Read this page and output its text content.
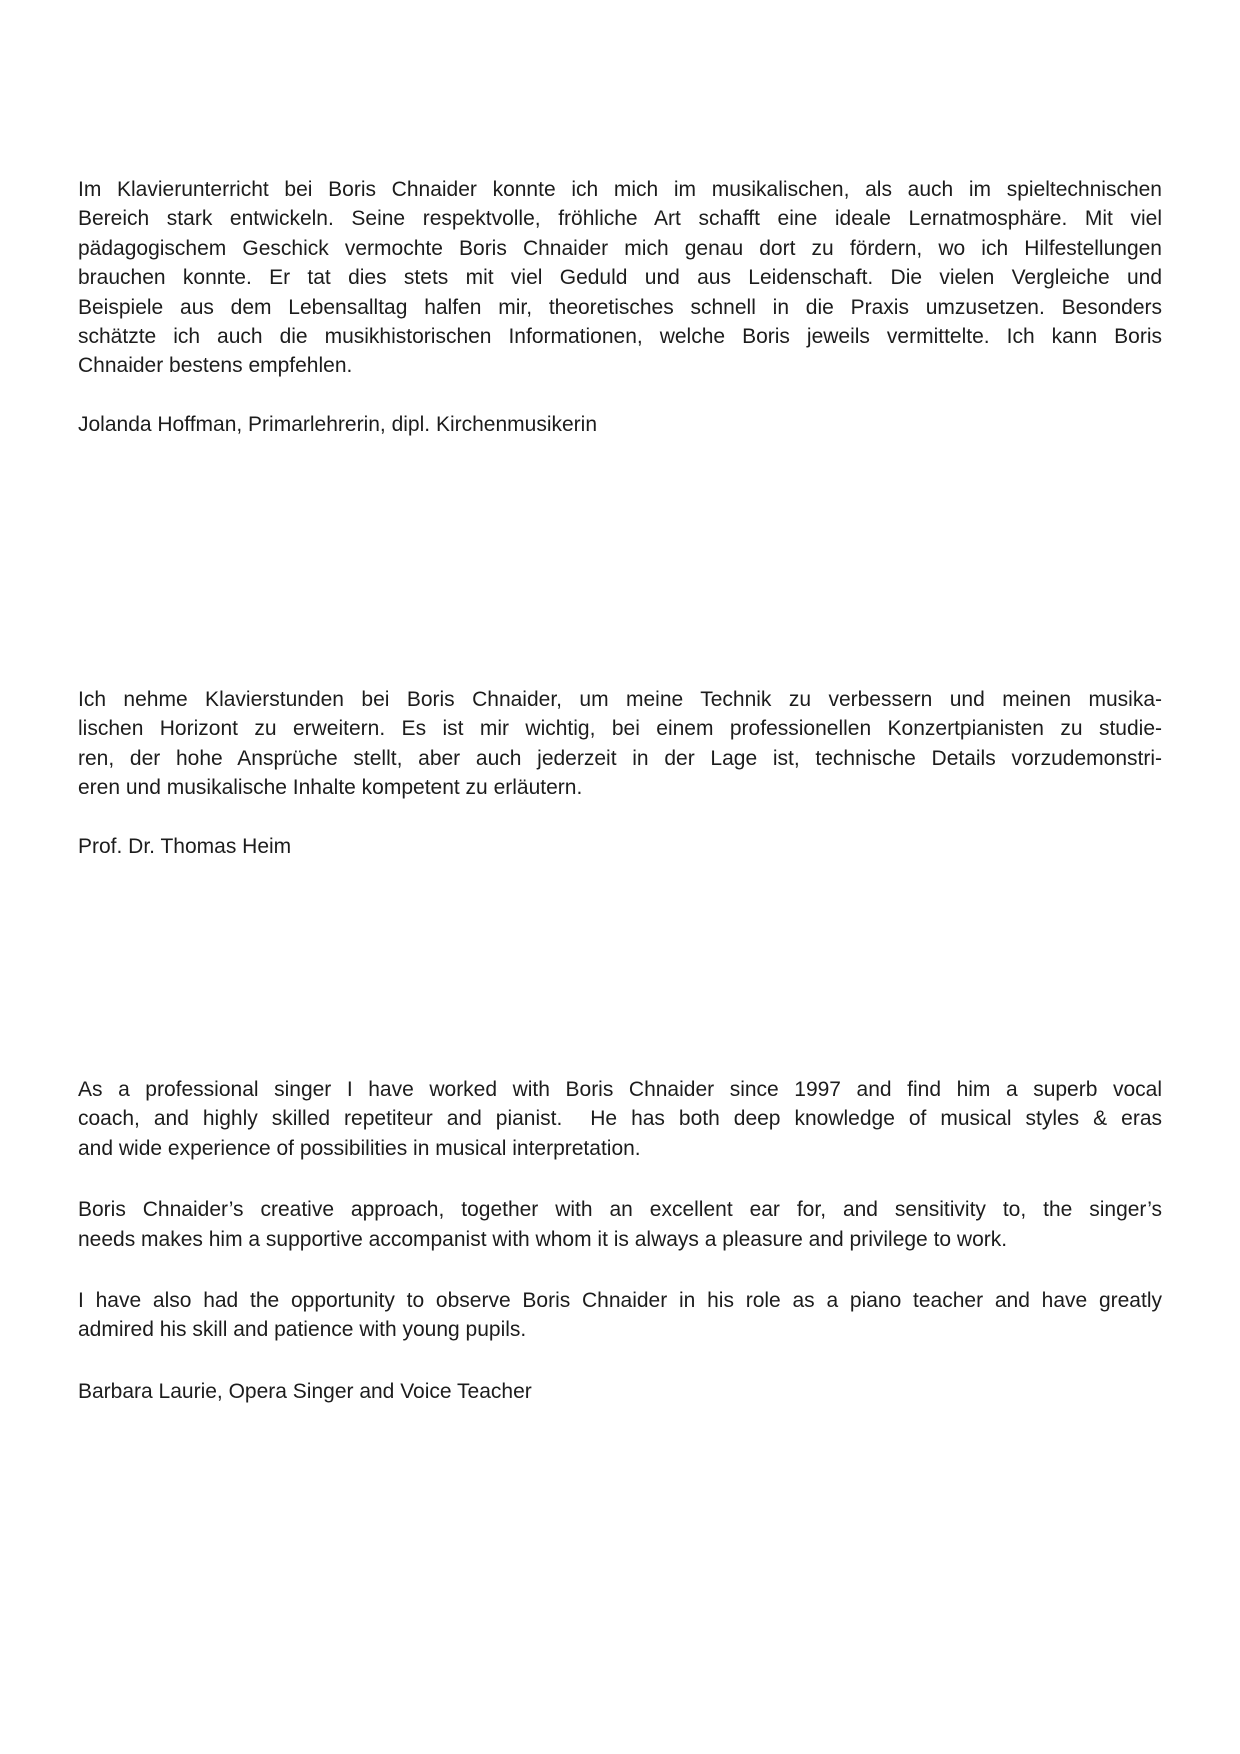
Im Klavierunterricht bei Boris Chnaider konnte ich mich im musikalischen, als auch im spieltechnischen
Bereich stark entwickeln. Seine respektvolle, fröhliche Art schafft eine ideale Lernatmosphäre. Mit viel
pädagogischem Geschick vermochte Boris Chnaider mich genau dort zu fördern, wo ich Hilfestellungen
brauchen konnte. Er tat dies stets mit viel Geduld und aus Leidenschaft. Die vielen Vergleiche und
Beispiele aus dem Lebensalltag halfen mir, theoretisches schnell in die Praxis umzusetzen. Besonders
schätzte ich auch die musikhistorischen Informationen, welche Boris jeweils vermittelte. Ich kann Boris
Chnaider bestens empfehlen.

Jolanda Hoffman, Primarlehrerin, dipl. Kirchenmusikerin

Ich nehme Klavierstunden bei Boris Chnaider, um meine Technik zu verbessern und meinen musika-
lischen Horizont zu erweitern. Es ist mir wichtig, bei einem professionellen Konzertpianisten zu studie-
ren, der hohe Ansprüche stellt, aber auch jederzeit in der Lage ist, technische Details vorzudemonstri-
eren und musikalische Inhalte kompetent zu erläutern.

Prof. Dr. Thomas Heim

As a professional singer I have worked with Boris Chnaider since 1997 and find him a superb vocal
coach, and highly skilled repetiteur and pianist.  He has both deep knowledge of musical styles & eras
and wide experience of possibilities in musical interpretation.

Boris Chnaider’s creative approach, together with an excellent ear for, and sensitivity to, the singer’s
needs makes him a supportive accompanist with whom it is always a pleasure and privilege to work.

I have also had the opportunity to observe Boris Chnaider in his role as a piano teacher and have greatly
admired his skill and patience with young pupils.

Barbara Laurie, Opera Singer and Voice Teacher
